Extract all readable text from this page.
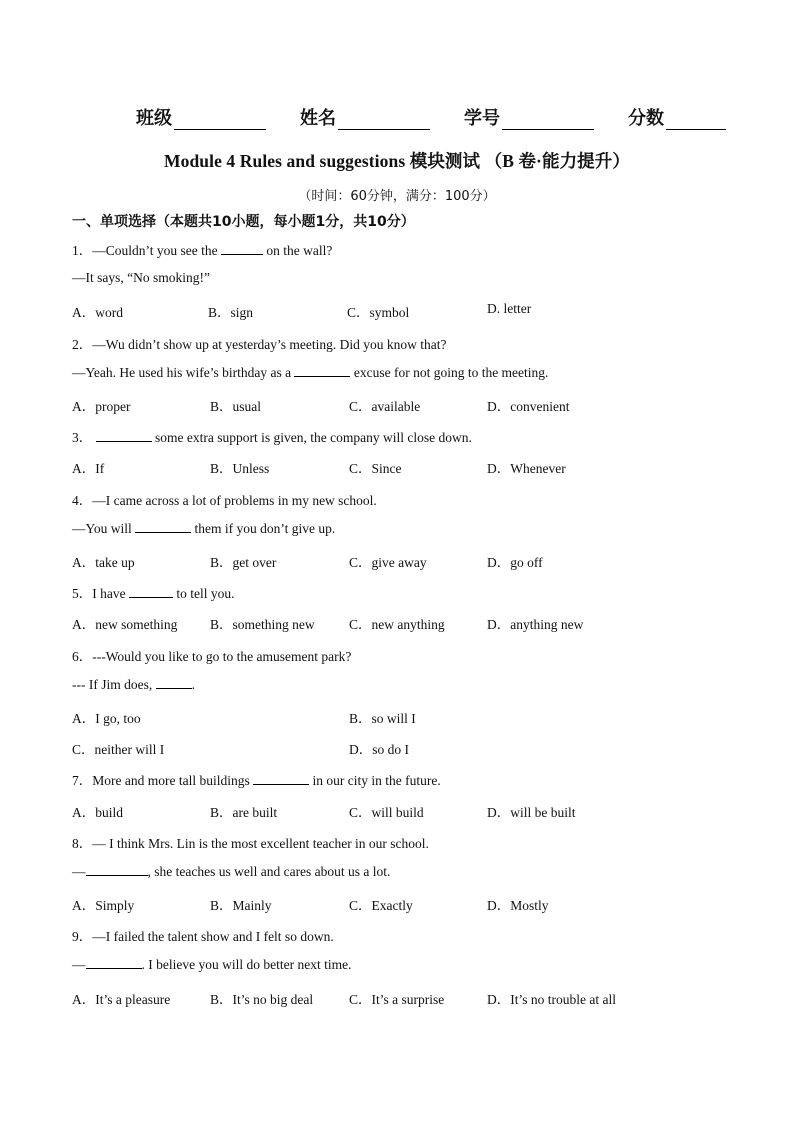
班级	姓名	学号	分数
Module 4 Rules and suggestions 模块测试 （B 卷·能力提升）
（时间：60分钟，满分：100分）
一、单项选择（本题共10小题，每小题1分，共10分）
1．—Couldn’t you see the	on the wall?
—It says, “No smoking!”
A．word	B．sign	C．symbol	D. letter
2．—Wu didn’t show up at yesterday’s meeting. Did you know that?
—Yeah. He used his wife’s birthday as a	excuse for not going to the meeting.
A．proper	B．usual	C．available	D．convenient
3．	some extra support is given, the company will close down.
A．If	B．Unless	C．Since	D．Whenever
4．—I came across a lot of problems in my new school.
—You will	them if you don’t give up.
A．take up	B．get over	C．give away	D．go off
5．I have	to tell you.
A．new something B．something new	C．new anything	D．anything new
6．---Would you like to go to the amusement park?
--- If Jim does,	.
A．I go, too	B．so will I
C．neither will I	D．so do I
7．More and more tall buildings	in our city in the future.
A．build	B．are built	C．will build	D．will be built
8．— I think Mrs. Lin is the most excellent teacher in our school.
—	, she teaches us well and cares about us a lot.
A．Simply	B．Mainly	C．Exactly	D．Mostly
9．—I failed the talent show and I felt so down.
—	. I believe you will do better next time.
A．It’s a pleasure	B．It’s no big deal	C．It’s a surprise	D．It’s no trouble at all
